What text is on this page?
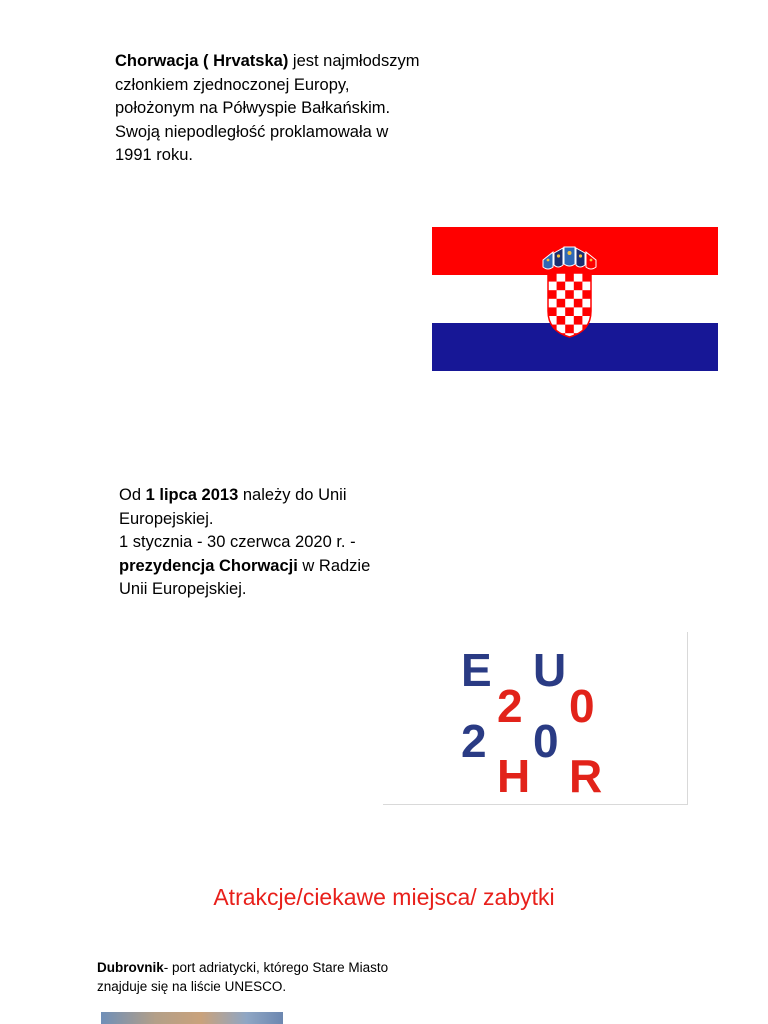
Chorwacja ( Hrvatska) jest najmłodszym członkiem zjednoczonej Europy, położonym na Półwyspie Bałkańskim.
Swoją niepodległość proklamowała w 1991 roku.
Od 1 lipca 2013 należy do Unii Europejskiej.
1 stycznia - 30 czerwca 2020 r. -
prezydencja Chorwacji w Radzie Unii Europejskiej.
E U
2 0
2 0
H R
Atrakcje/ciekawe miejsca/ zabytki
Dubrovnik- port adriatycki, którego Stare Miasto znajduje się na liście UNESCO.
